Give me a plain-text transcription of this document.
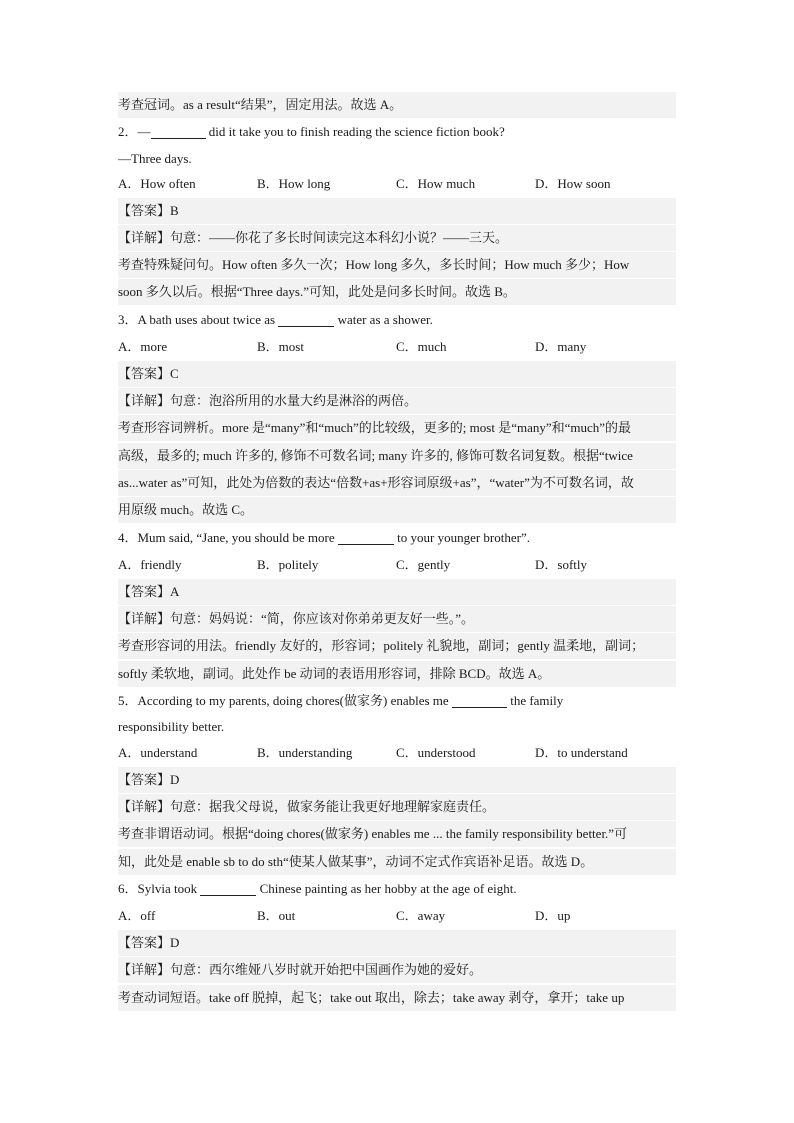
考查冠词。as a result“结果”，固定用法。故选 A。
2．—	did it take you to finish reading the science fiction book?
—Three days.
A．How often	B．How long	C．How much	D．How soon
【答案】B
【详解】句意：——你花了多长时间读完这本科幻小说？——三天。
考查特殊疑问句。How often 多久一次；How long 多久，多长时间；How much 多少；How
soon 多久以后。根据“Three days.”可知，此处是问多长时间。故选 B。
3．A bath uses about twice as	water as a shower.
A．more	B．most	C．much	D．many
【答案】C
【详解】句意：泡浴所用的水量大约是淋浴的两倍。
考查形容词辨析。more 是“many”和“much”的比较级，更多的; most 是“many”和“much”的最
高级，最多的; much 许多的, 修饰不可数名词; many 许多的, 修饰可数名词复数。根据“twice
as...water as”可知，此处为倍数的表达“倍数+as+形容词原级+as”，“water”为不可数名词，故
用原级 much。故选 C。
4．Mum said, “Jane, you should be more	to your younger brother”.
A．friendly	B．politely	C．gently	D．softly
【答案】A
【详解】句意：妈妈说：“简，你应该对你弟弟更友好一些。”。
考查形容词的用法。friendly 友好的，形容词；politely 礼貌地，副词；gently 温柔地，副词；
softly 柔软地，副词。此处作 be 动词的表语用形容词，排除 BCD。故选 A。
5．According to my parents, doing chores(做家务) enables me	the family
responsibility better.
A．understand	B．understanding	C．understood	D．to understand
【答案】D
【详解】句意：据我父母说，做家务能让我更好地理解家庭责任。
考查非谓语动词。根据“doing chores(做家务) enables me ... the family responsibility better.”可
知，此处是 enable sb to do sth“使某人做某事”，动词不定式作宾语补足语。故选 D。
6．Sylvia took	Chinese painting as her hobby at the age of eight.
A．off	B．out	C．away	D．up
【答案】D
【详解】句意：西尔维娅八岁时就开始把中国画作为她的爱好。
考查动词短语。take off 脱掉，起飞；take out 取出，除去；take away 剥夺，拿开；take up
